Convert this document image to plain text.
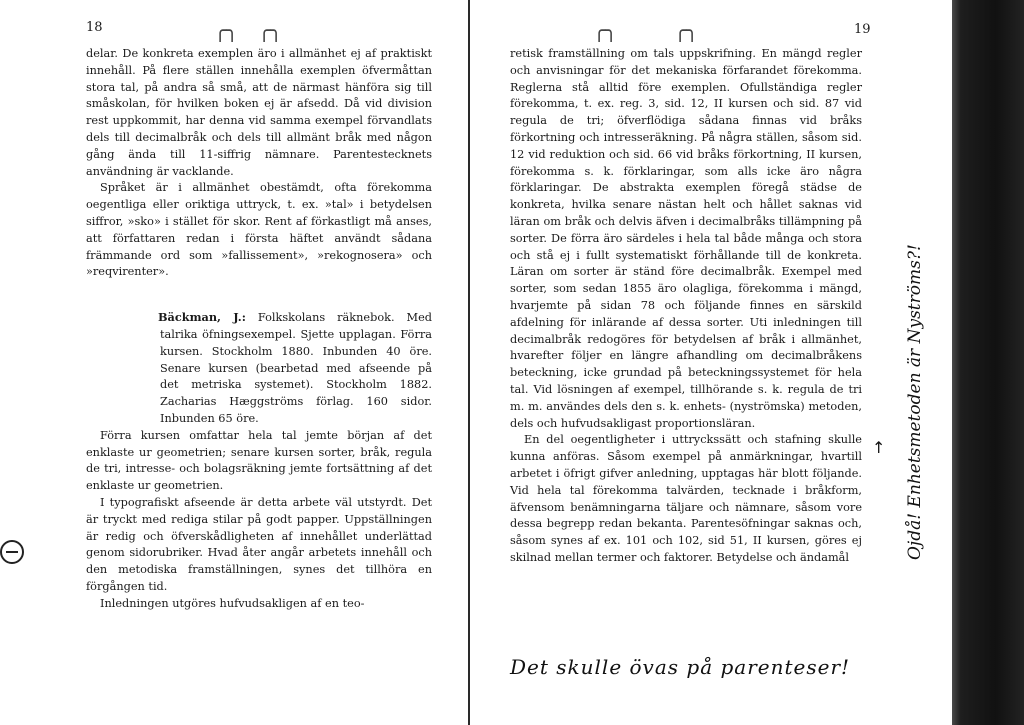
╭╮ ╭╮	╭╮	╭╮
18

delar. De konkreta exemplen äro i allmänhet ej af praktiskt innehåll. På flere ställen innehålla exemplen öfvermåttan stora tal, på andra så små, att de närmast hänföra sig till småskolan, för hvilken boken ej är afsedd. Då vid division rest uppkommit, har denna vid samma exempel förvandlats dels till decimalbråk och dels till allmänt bråk med någon gång ända till 11-siffrig nämnare. Parentestecknets användning är vacklande.

Språket är i allmänhet obestämdt, ofta förekomma oegentliga eller oriktiga uttryck, t. ex. »tal» i betydelsen siffror, »sko» i stället för skor. Rent af förkastligt må anses, att författaren redan i första häftet användt sådana främmande ord som »fallissement», »rekognosera» och »reqvirenter».

Bäckman, J.: Folkskolans räknebok. Med talrika öfningsexempel. Sjette upplagan. Förra kursen. Stockholm 1880. Inbunden 40 öre. Senare kursen (bearbetad med afseende på det metriska systemet). Stockholm 1882. Zacharias Hæggströms förlag. 160 sidor. Inbunden 65 öre.

Förra kursen omfattar hela tal jemte början af det enklaste ur geometrien; senare kursen sorter, bråk, regula de tri, intresse- och bolagsräkning jemte fortsättning af det enklaste ur geometrien.

I typografiskt afseende är detta arbete väl utstyrdt. Det är tryckt med rediga stilar på godt papper. Uppställningen är redig och öfverskådligheten af innehållet underlättad genom sidorubriker. Hvad åter angår arbetets innehåll och den metodiska framställningen, synes det tillhöra en förgången tid.

Inledningen utgöres hufvudsakligen af en teo-

19

retisk framställning om tals uppskrifning. En mängd regler och anvisningar för det mekaniska förfarandet förekomma. Reglerna stå alltid före exemplen. Ofullständiga regler förekomma, t. ex. reg. 3, sid. 12, II kursen och sid. 87 vid regula de tri; öfverflödiga sådana finnas vid bråks förkortning och intresseräkning. På några ställen, såsom sid. 12 vid reduktion och sid. 66 vid bråks förkortning, II kursen, förekomma s. k. förklaringar, som alls icke äro några förklaringar. De abstrakta exemplen föregå städse de konkreta, hvilka senare nästan helt och hållet saknas vid läran om bråk och delvis äfven i decimalbråks tillämpning på sorter. De förra äro särdeles i hela tal både många och stora och stå ej i fullt systematiskt förhållande till de konkreta. Läran om sorter är ständ före decimalbråk. Exempel med sorter, som sedan 1855 äro olagliga, förekomma i mängd, hvarjemte på sidan 78 och följande finnes en särskild afdelning för inlärande af dessa sorter. Uti inledningen till decimalbråk redogöres för betydelsen af bråk i allmänhet, hvarefter följer en längre afhandling om decimalbråkens beteckning, icke grundad på beteckningssystemet för hela tal. Vid lösningen af exempel, tillhörande s. k. regula de tri m. m. användes dels den s. k. enhets- (nyströmska) metoden, dels och hufvudsakligast proportionsläran.

En del oegentligheter i uttryckssätt och stafning skulle kunna anföras. Såsom exempel på anmärkningar, hvartill arbetet i öfrigt gifver anledning, upptagas här blott följande. Vid hela tal förekomma talvärden, tecknade i bråkform, äfvensom benämningarna täljare och nämnare, såsom vore dessa begrepp redan bekanta. Parentesöfningar saknas och, såsom synes af ex. 101 och 102, sid 51, II kursen, göres ej skilnad mellan termer och faktorer. Betydelse och ändamål	Ojdå! Enhetsmetoden är Nyströms?!
↑
Det skulle övas på parenteser!
